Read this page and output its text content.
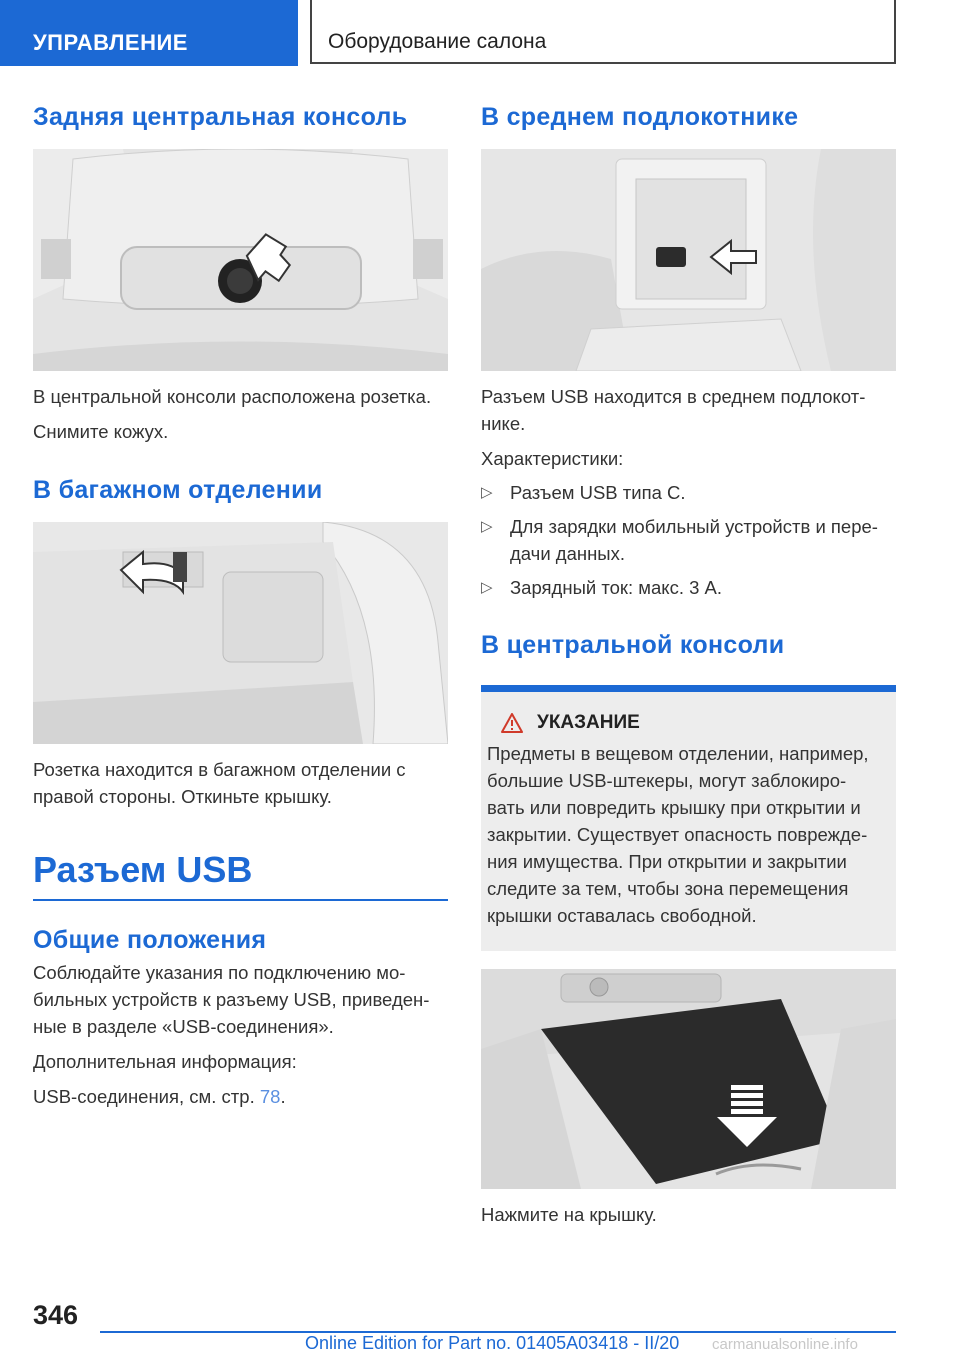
УПРАВЛЕНИЕ	Оборудование салона
Задняя центральная консоль
В центральной консоли расположена розетка.
Снимите кожух.
В багажном отделении
Розетка находится в багажном отделении с правой стороны. Откиньте крышку.
Разъем USB
Общие положения
Соблюдайте указания по подключению мо-бильных устройств к разъему USB, приведен-ные в разделе «USB-соединения».
Дополнительная информация:
USB-соединения, см. стр. 78.
В среднем подлокотнике
Разъем USB находится в среднем подлокот-нике.
Характеристики:
▷ Разъем USB типа C.
▷ Для зарядки мобильный устройств и пере-дачи данных.
▷ Зарядный ток: макс. 3 А.
В центральной консоли
УКАЗАНИЕ
Предметы в вещевом отделении, например, большие USB-штекеры, могут заблокиро-вать или повредить крышку при открытии и закрытии. Существует опасность поврежде-ния имущества. При открытии и закрытии следите за тем, чтобы зона перемещения крышки оставалась свободной.
Нажмите на крышку.
346
Online Edition for Part no. 01405A03418 - II/20 carmanualsonline.info
